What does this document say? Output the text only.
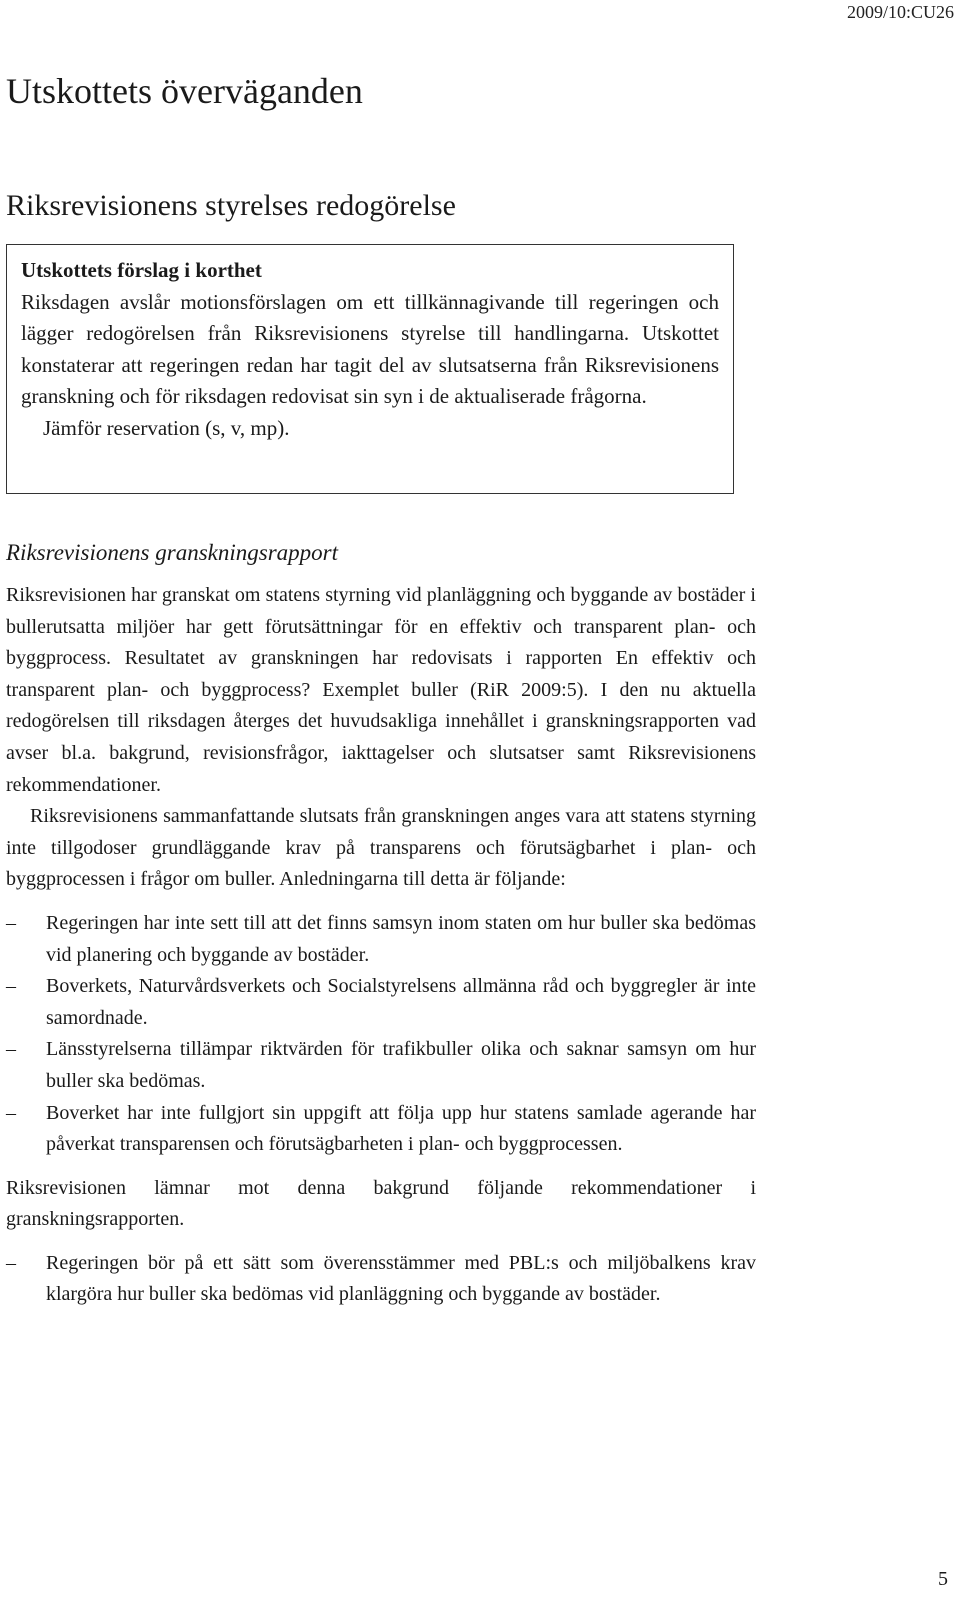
2009/10:CU26
Utskottets överväganden
Riksrevisionens styrelses redogörelse
Utskottets förslag i korthet
Riksdagen avslår motionsförslagen om ett tillkännagivande till regeringen och lägger redogörelsen från Riksrevisionens styrelse till handlingarna. Utskottet konstaterar att regeringen redan har tagit del av slutsatserna från Riksrevisionens granskning och för riksdagen redovisat sin syn i de aktualiserade frågorna.
Jämför reservation (s, v, mp).
Riksrevisionens granskningsrapport

Riksrevisionen har granskat om statens styrning vid planläggning och byggande av bostäder i bullerutsatta miljöer har gett förutsättningar för en effektiv och transparent plan- och byggprocess. Resultatet av granskningen har redovisats i rapporten En effektiv och transparent plan- och byggprocess? Exemplet buller (RiR 2009:5). I den nu aktuella redogörelsen till riksdagen återges det huvudsakliga innehållet i granskningsrapporten vad avser bl.a. bakgrund, revisionsfrågor, iakttagelser och slutsatser samt Riksrevisionens rekommendationer.

Riksrevisionens sammanfattande slutsats från granskningen anges vara att statens styrning inte tillgodoser grundläggande krav på transparens och förutsägbarhet i plan- och byggprocessen i frågor om buller. Anledningarna till detta är följande:

– Regeringen har inte sett till att det finns samsyn inom staten om hur buller ska bedömas vid planering och byggande av bostäder.
– Boverkets, Naturvårdsverkets och Socialstyrelsens allmänna råd och byggregler är inte samordnade.
– Länsstyrelserna tillämpar riktvärden för trafikbuller olika och saknar samsyn om hur buller ska bedömas.
– Boverket har inte fullgjort sin uppgift att följa upp hur statens samlade agerande har påverkat transparensen och förutsägbarheten i plan- och byggprocessen.

Riksrevisionen lämnar mot denna bakgrund följande rekommendationer i granskningsrapporten.

– Regeringen bör på ett sätt som överensstämmer med PBL:s och miljöbalkens krav klargöra hur buller ska bedömas vid planläggning och byggande av bostäder.
5
